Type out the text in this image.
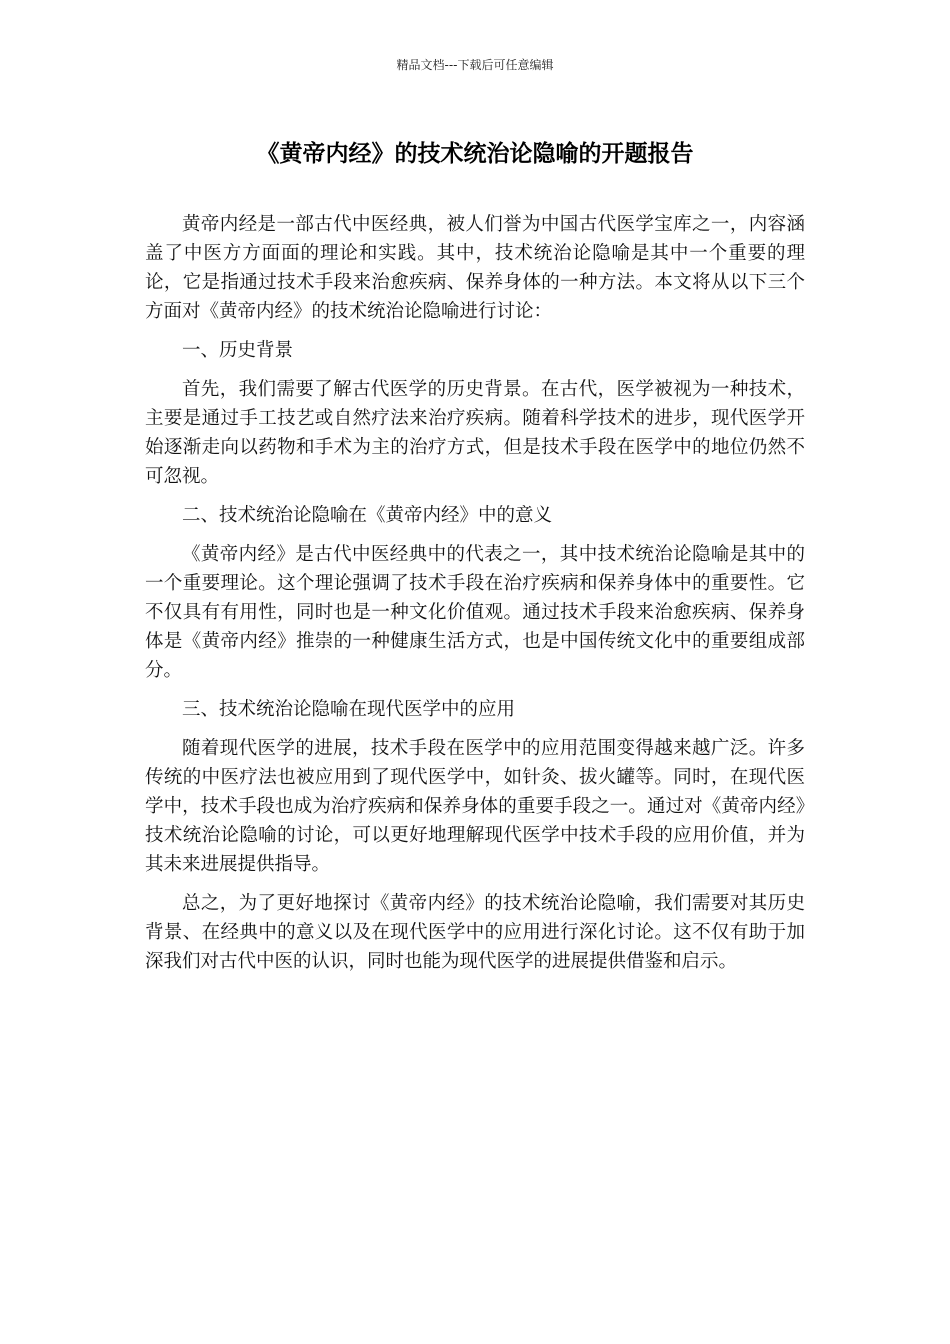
精品文档---下载后可任意编辑
《黄帝内经》的技术统治论隐喻的开题报告

黄帝内经是一部古代中医经典，被人们誉为中国古代医学宝库之一，内容涵盖了中医方方面面的理论和实践。其中，技术统治论隐喻是其中一个重要的理论，它是指通过技术手段来治愈疾病、保养身体的一种方法。本文将从以下三个方面对《黄帝内经》的技术统治论隐喻进行讨论：

一、历史背景

首先，我们需要了解古代医学的历史背景。在古代，医学被视为一种技术，主要是通过手工技艺或自然疗法来治疗疾病。随着科学技术的进步，现代医学开始逐渐走向以药物和手术为主的治疗方式，但是技术手段在医学中的地位仍然不可忽视。

二、技术统治论隐喻在《黄帝内经》中的意义

《黄帝内经》是古代中医经典中的代表之一，其中技术统治论隐喻是其中的一个重要理论。这个理论强调了技术手段在治疗疾病和保养身体中的重要性。它不仅具有有用性，同时也是一种文化价值观。通过技术手段来治愈疾病、保养身体是《黄帝内经》推崇的一种健康生活方式，也是中国传统文化中的重要组成部分。

三、技术统治论隐喻在现代医学中的应用

随着现代医学的进展，技术手段在医学中的应用范围变得越来越广泛。许多传统的中医疗法也被应用到了现代医学中，如针灸、拔火罐等。同时，在现代医学中，技术手段也成为治疗疾病和保养身体的重要手段之一。通过对《黄帝内经》技术统治论隐喻的讨论，可以更好地理解现代医学中技术手段的应用价值，并为其未来进展提供指导。

总之，为了更好地探讨《黄帝内经》的技术统治论隐喻，我们需要对其历史背景、在经典中的意义以及在现代医学中的应用进行深化讨论。这不仅有助于加深我们对古代中医的认识，同时也能为现代医学的进展提供借鉴和启示。
